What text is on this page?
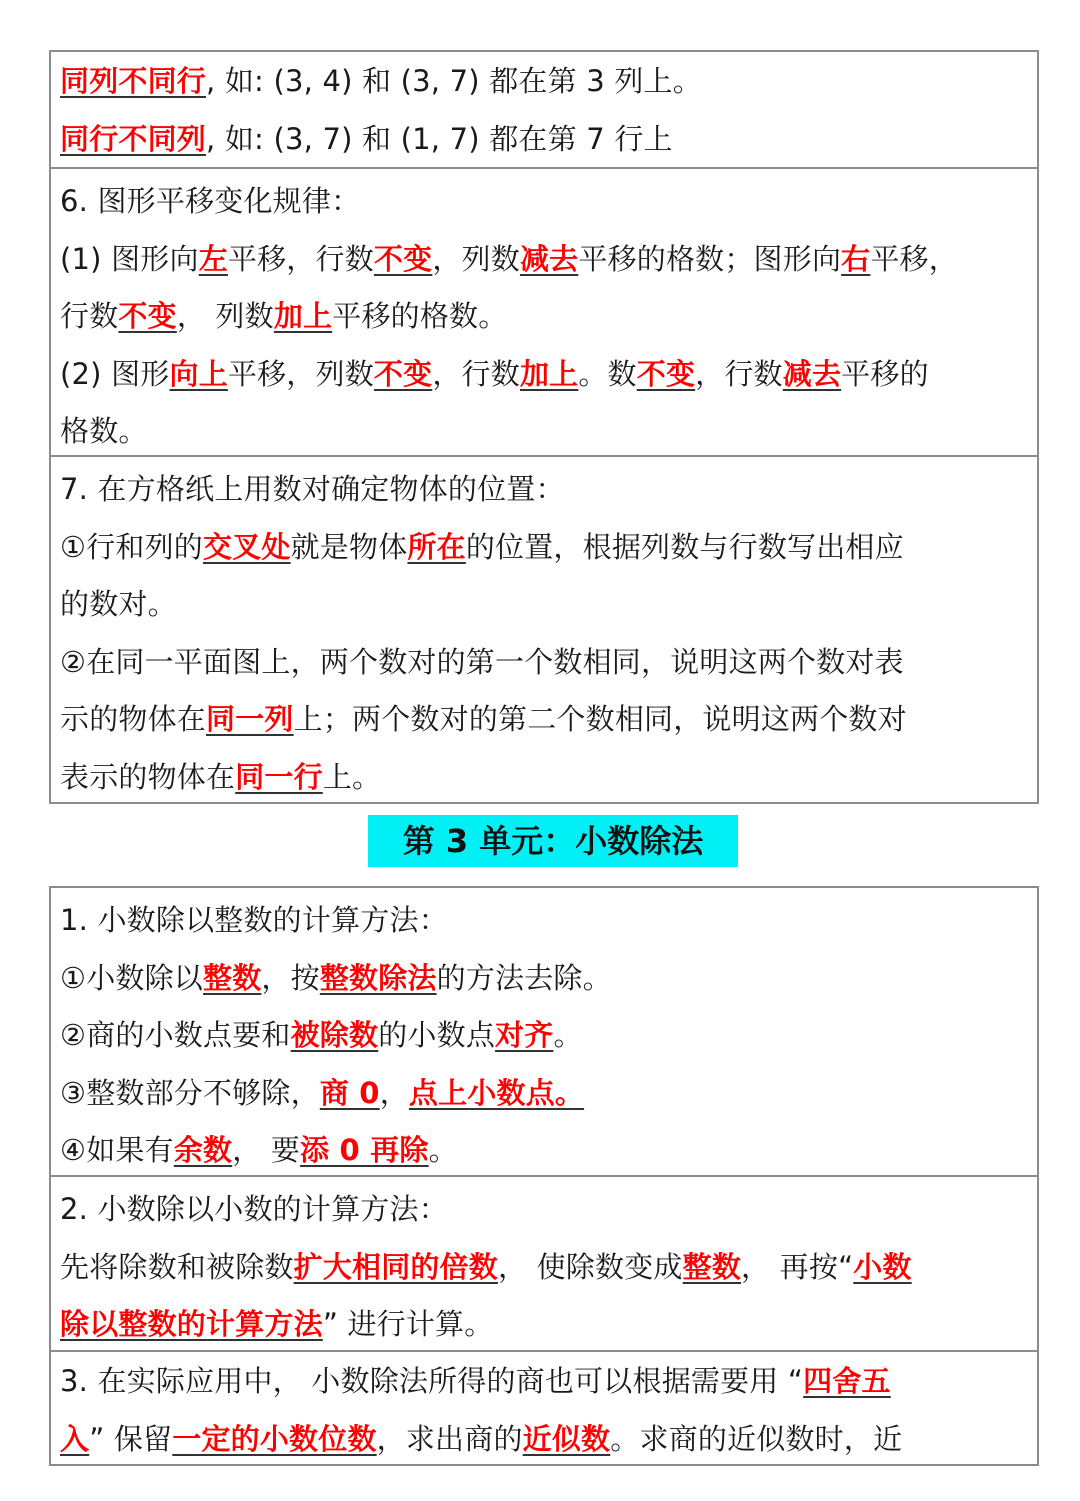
同列不同行, 如: (3, 4) 和 (3, 7) 都在第 3 列上。
同行不同列, 如: (3, 7) 和 (1, 7) 都在第 7 行上
6. 图形平移变化规律：
(1) 图形向左平移，行数不变，列数减去平移的格数；图形向右平移，
行数不变， 列数加上平移的格数。
(2) 图形向上平移，列数不变，行数加上。数不变，行数减去平移的
格数。
7. 在方格纸上用数对确定物体的位置：
①行和列的交叉处就是物体所在的位置，根据列数与行数写出相应
的数对。
②在同一平面图上，两个数对的第一个数相同，说明这两个数对表
示的物体在同一列上；两个数对的第二个数相同，说明这两个数对
表示的物体在同一行上。
第 3 单元：小数除法
1. 小数除以整数的计算方法：
①小数除以整数，按整数除法的方法去除。
②商的小数点要和被除数的小数点对齐。
③整数部分不够除，商 0，点上小数点。
④如果有余数， 要添 0 再除。
2. 小数除以小数的计算方法：
先将除数和被除数扩大相同的倍数， 使除数变成整数， 再按“小数
除以整数的计算方法” 进行计算。
3. 在实际应用中， 小数除法所得的商也可以根据需要用 “四舍五
入” 保留一定的小数位数，求出商的近似数。求商的近似数时，近
